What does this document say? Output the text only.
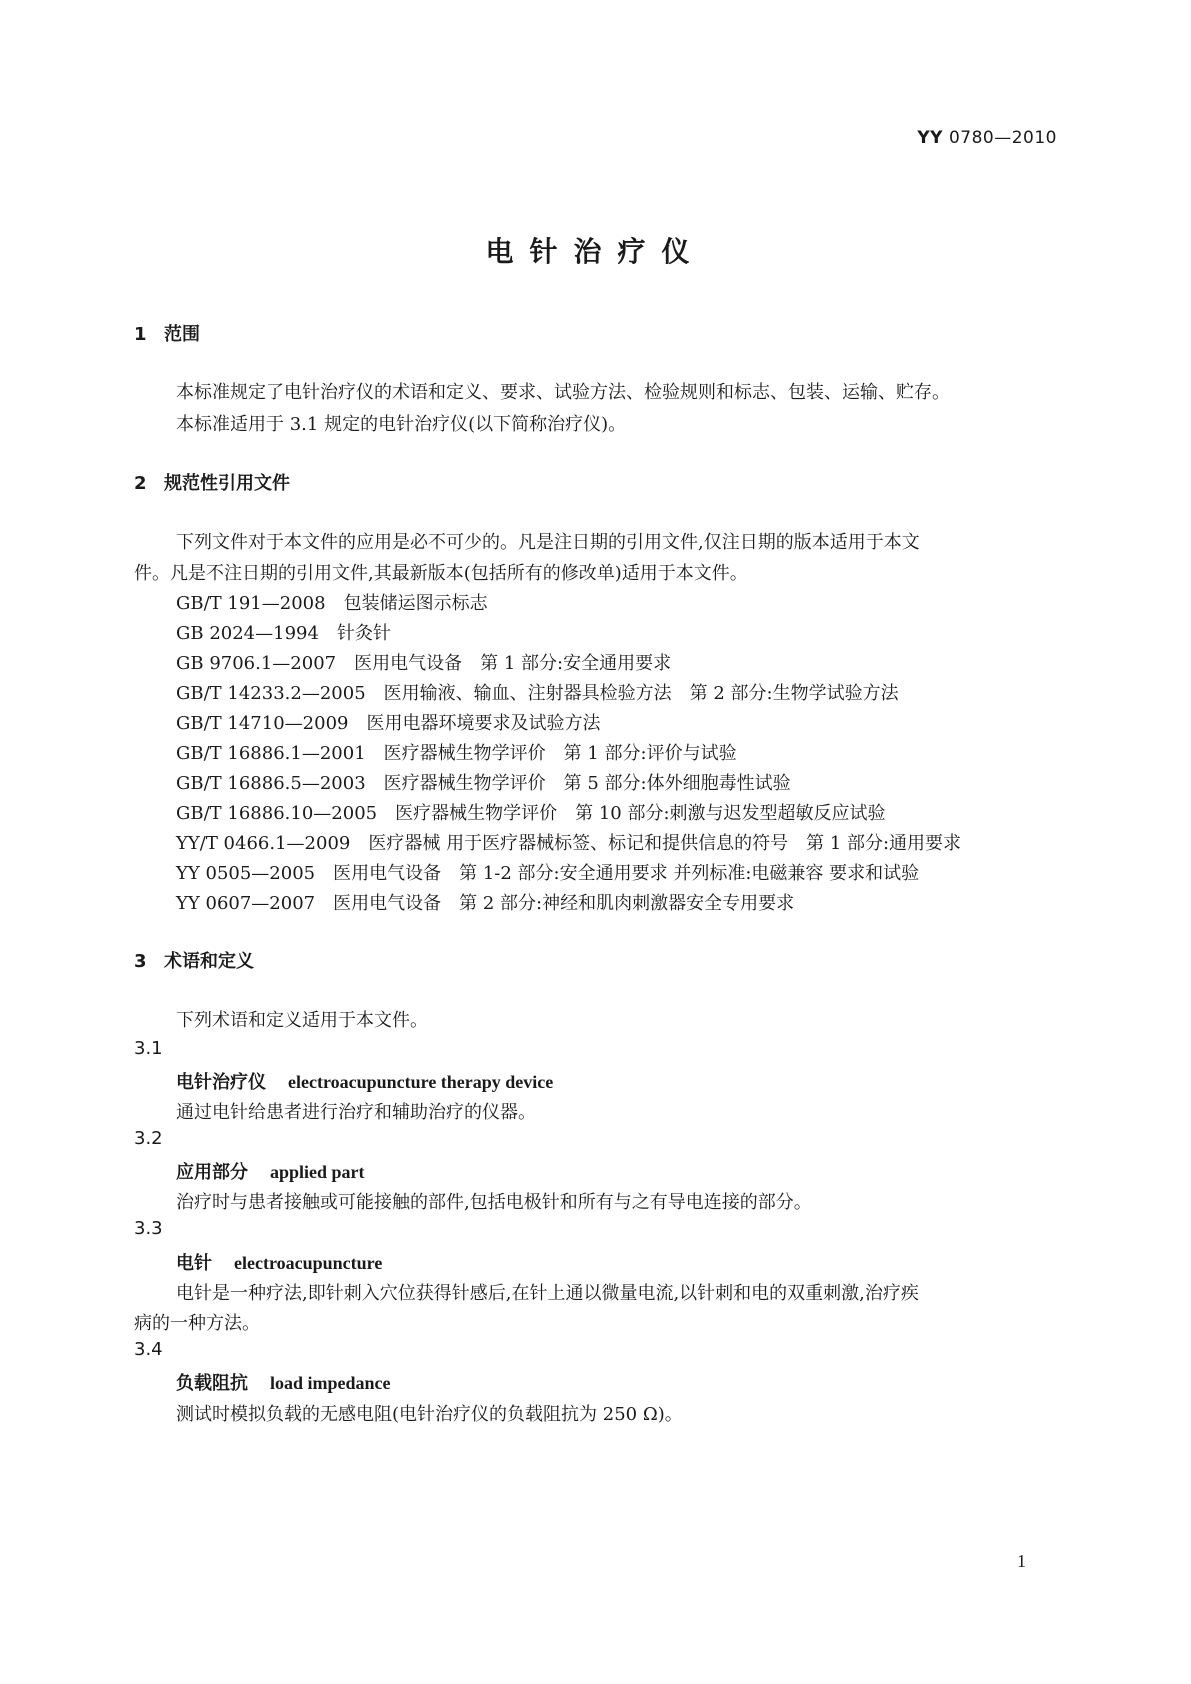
YY 0780—2010
电针治疗仪
1 范围
本标准规定了电针治疗仪的术语和定义、要求、试验方法、检验规则和标志、包装、运输、贮存。
本标准适用于 3.1 规定的电针治疗仪(以下简称治疗仪)。
2 规范性引用文件
下列文件对于本文件的应用是必不可少的。凡是注日期的引用文件,仅注日期的版本适用于本文
件。凡是不注日期的引用文件,其最新版本(包括所有的修改单)适用于本文件。
GB/T 191—2008 包装储运图示标志
GB 2024—1994 针灸针
GB 9706.1—2007 医用电气设备 第 1 部分:安全通用要求
GB/T 14233.2—2005 医用输液、输血、注射器具检验方法 第 2 部分:生物学试验方法
GB/T 14710—2009 医用电器环境要求及试验方法
GB/T 16886.1—2001 医疗器械生物学评价 第 1 部分:评价与试验
GB/T 16886.5—2003 医疗器械生物学评价 第 5 部分:体外细胞毒性试验
GB/T 16886.10—2005 医疗器械生物学评价 第 10 部分:刺激与迟发型超敏反应试验
YY/T 0466.1—2009 医疗器械 用于医疗器械标签、标记和提供信息的符号 第 1 部分:通用要求
YY 0505—2005 医用电气设备 第 1-2 部分:安全通用要求 并列标准:电磁兼容 要求和试验
YY 0607—2007 医用电气设备 第 2 部分:神经和肌肉刺激器安全专用要求
3 术语和定义
下列术语和定义适用于本文件。
3.1
电针治疗仪 electroacupuncture therapy device
通过电针给患者进行治疗和辅助治疗的仪器。
3.2
应用部分 applied part
治疗时与患者接触或可能接触的部件,包括电极针和所有与之有导电连接的部分。
3.3
电针 electroacupuncture
电针是一种疗法,即针刺入穴位获得针感后,在针上通以微量电流,以针刺和电的双重刺激,治疗疾
病的一种方法。
3.4
负载阻抗 load impedance
测试时模拟负载的无感电阻(电针治疗仪的负载阻抗为 250 Ω)。
1
